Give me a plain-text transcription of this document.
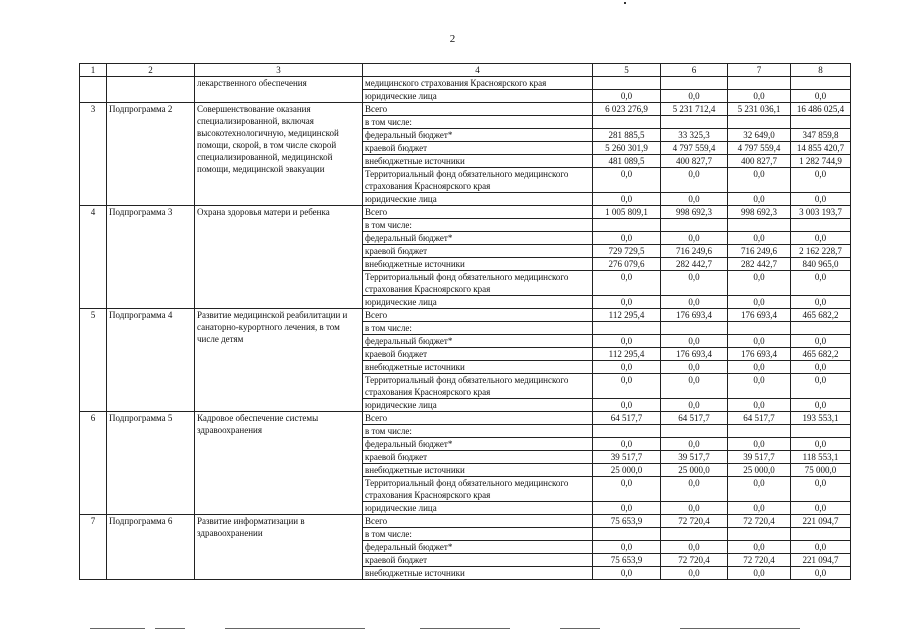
2
1	2	3	4	5	6	7	8
		лекарственного обеспечения	медицинского страхования Красноярского края				
			юридические лица	0,0	0,0	0,0	0,0
3	Подпрограмма 2	Совершенствование оказания специализированной, включая высокотехнологичную, медицинской помощи, скорой, в том числе скорой специализированной, медицинской помощи, медицинской эвакуации	Всего	6 023 276,9	5 231 712,4	5 231 036,1	16 486 025,4
			в том числе:				
			федеральный бюджет*	281 885,5	33 325,3	32 649,0	347 859,8
			краевой бюджет	5 260 301,9	4 797 559,4	4 797 559,4	14 855 420,7
			внебюджетные источники	481 089,5	400 827,7	400 827,7	1 282 744,9
			Территориальный фонд обязательного медицинского страхования Красноярского края	0,0	0,0	0,0	0,0
			юридические лица	0,0	0,0	0,0	0,0
4	Подпрограмма 3	Охрана здоровья матери и ребенка	Всего	1 005 809,1	998 692,3	998 692,3	3 003 193,7
			в том числе:				
			федеральный бюджет*	0,0	0,0	0,0	0,0
			краевой бюджет	729 729,5	716 249,6	716 249,6	2 162 228,7
			внебюджетные источники	276 079,6	282 442,7	282 442,7	840 965,0
			Территориальный фонд обязательного медицинского страхования Красноярского края	0,0	0,0	0,0	0,0
			юридические лица	0,0	0,0	0,0	0,0
5	Подпрограмма 4	Развитие медицинской реабилитации и санаторно-курортного лечения, в том числе детям	Всего	112 295,4	176 693,4	176 693,4	465 682,2
			в том числе:				
			федеральный бюджет*	0,0	0,0	0,0	0,0
			краевой бюджет	112 295,4	176 693,4	176 693,4	465 682,2
			внебюджетные источники	0,0	0,0	0,0	0,0
			Территориальный фонд обязательного медицинского страхования Красноярского края	0,0	0,0	0,0	0,0
			юридические лица	0,0	0,0	0,0	0,0
6	Подпрограмма 5	Кадровое обеспечение системы здравоохранения	Всего	64 517,7	64 517,7	64 517,7	193 553,1
			в том числе:				
			федеральный бюджет*	0,0	0,0	0,0	0,0
			краевой бюджет	39 517,7	39 517,7	39 517,7	118 553,1
			внебюджетные источники	25 000,0	25 000,0	25 000,0	75 000,0
			Территориальный фонд обязательного медицинского страхования Красноярского края	0,0	0,0	0,0	0,0
			юридические лица	0,0	0,0	0,0	0,0
7	Подпрограмма 6	Развитие информатизации в здравоохранении	Всего	75 653,9	72 720,4	72 720,4	221 094,7
			в том числе:				
			федеральный бюджет*	0,0	0,0	0,0	0,0
			краевой бюджет	75 653,9	72 720,4	72 720,4	221 094,7
			внебюджетные источники	0,0	0,0	0,0	0,0
